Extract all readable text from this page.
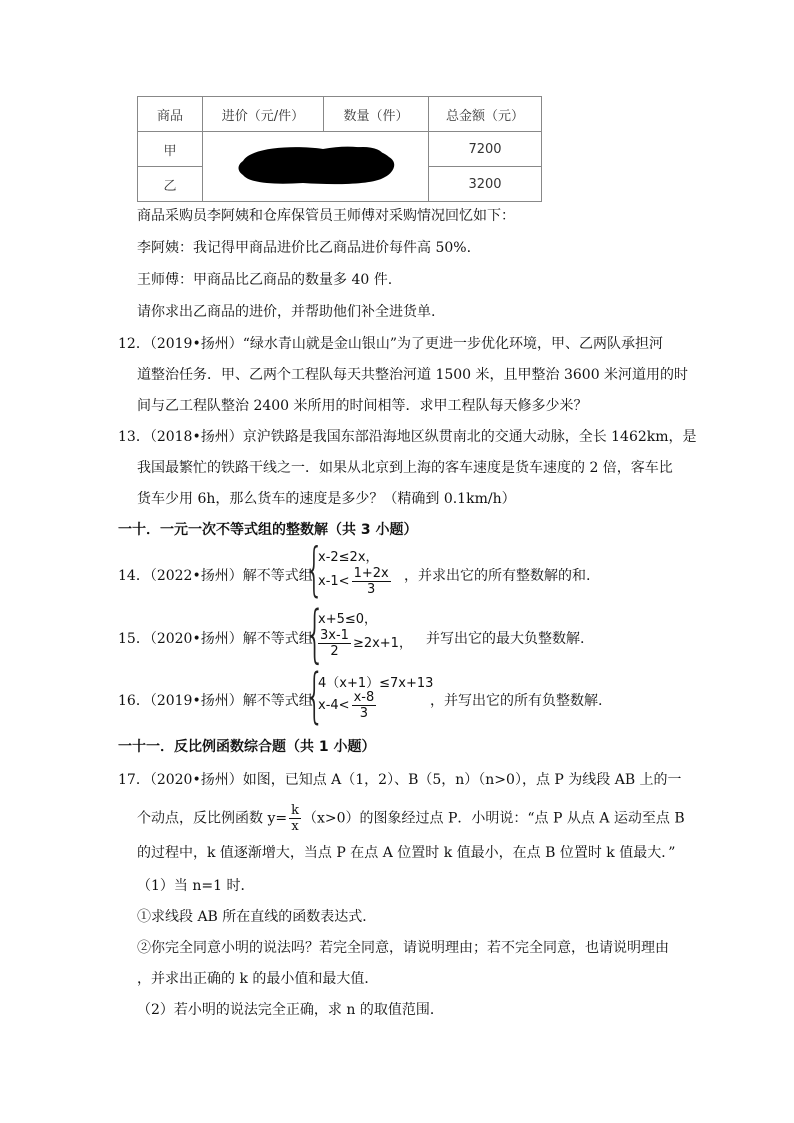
商品	进价（元/件）	数量（件）	总金额（元）
甲			7200
乙			3200
商品采购员李阿姨和仓库保管员王师傅对采购情况回忆如下：
李阿姨：我记得甲商品进价比乙商品进价每件高 50%.
王师傅：甲商品比乙商品的数量多 40 件.
请你求出乙商品的进价，并帮助他们补全进货单.
12．（2019•扬州）“绿水青山就是金山银山”为了更进一步优化环境，甲、乙两队承担河
道整治任务．甲、乙两个工程队每天共整治河道 1500 米，且甲整治 3600 米河道用的时
间与乙工程队整治 2400 米所用的时间相等．求甲工程队每天修多少米？
13．（2018•扬州）京沪铁路是我国东部沿海地区纵贯南北的交通大动脉，全长 1462km，是
我国最繁忙的铁路干线之一．如果从北京到上海的客车速度是货车速度的 2 倍，客车比
货车少用 6h，那么货车的速度是多少？（精确到 0.1km/h）
一十．一元一次不等式组的整数解（共 3 小题）
14．（2022•扬州）解不等式组
{
x-2≤2x，
$x-1< \frac{1+2x}{3}$ ，并求出它的所有整数解的和.
15．（2020•扬州）解不等式组
{
x+5≤0，
$\frac{3x-1}{2} \ge 2x+1$， 并写出它的最大负整数解.
16．（2019•扬州）解不等式组
{
4（x+1）≤7x+13
$x-4< \frac{x-8}{3}$	，并写出它的所有负整数解.
一十一．反比例函数综合题（共 1 小题）
17．（2020•扬州）如图，已知点 A（1，2）、B（5，n）（n>0），点 P 为线段 AB 上的一
个动点，反比例函数 $y= \frac{k}{x} (x>0)$的图象经过点 P．小明说：“点 P 从点 A 运动至点 B
的过程中，k 值逐渐增大，当点 P 在点 A 位置时 k 值最小，在点 B 位置时 k 值最大．”
（1）当 n=1 时．
①求线段 AB 所在直线的函数表达式．
②你完全同意小明的说法吗？若完全同意，请说明理由；若不完全同意，也请说明理由
，并求出正确的 k 的最小值和最大值．
（2）若小明的说法完全正确，求 n 的取值范围．
